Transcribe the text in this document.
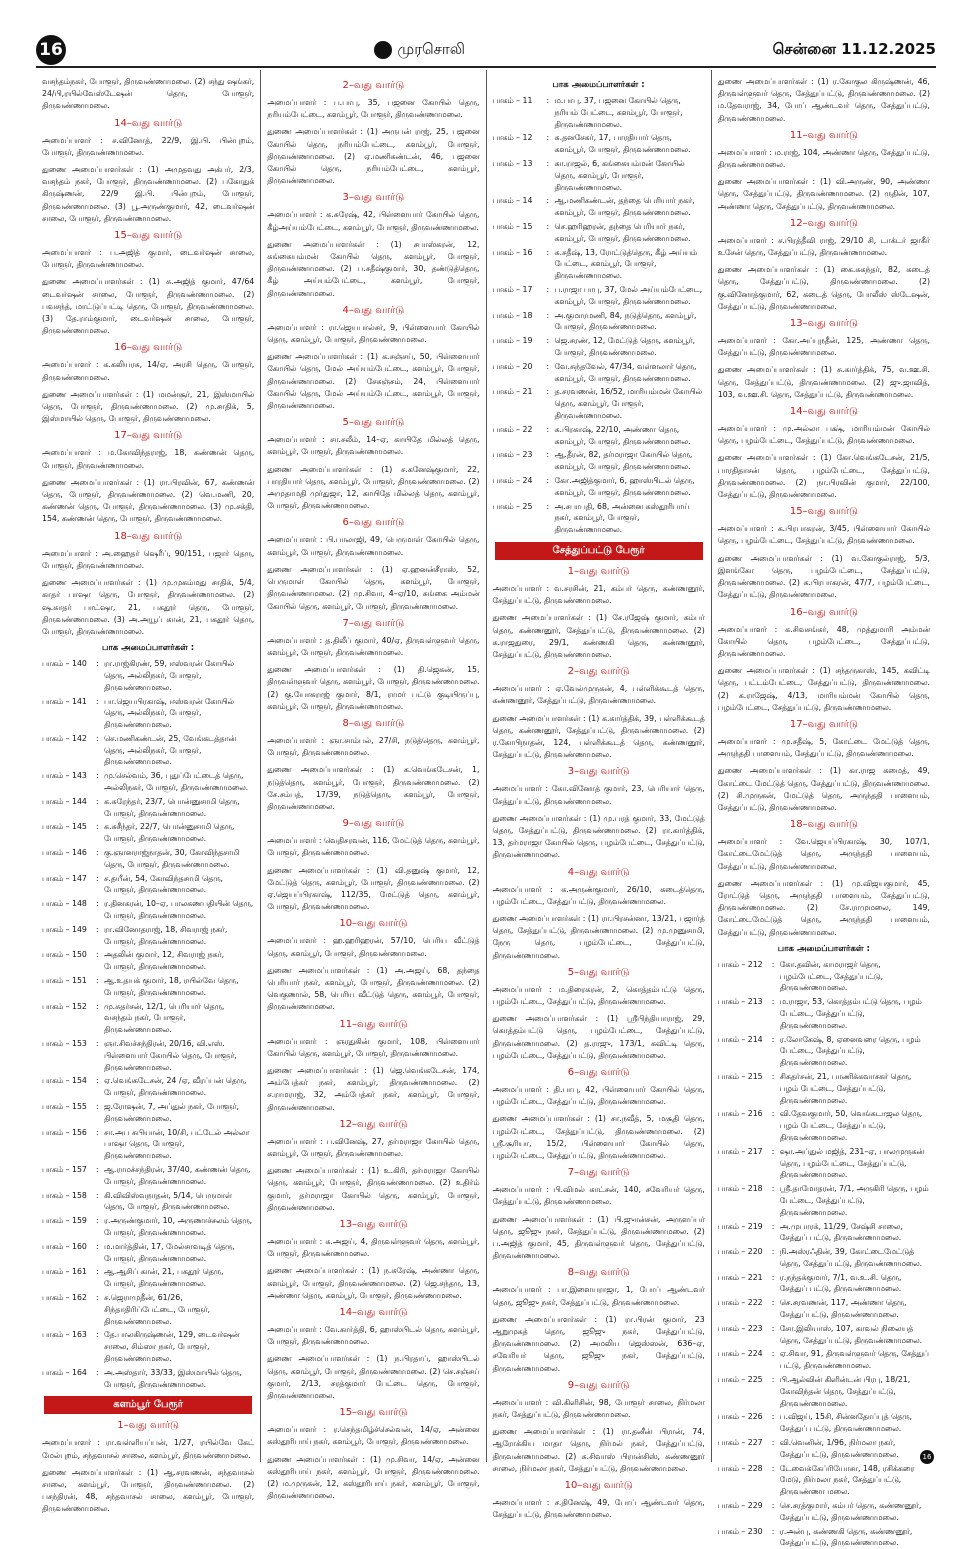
16	முரசொலி	சென்னை 11.12.2025
வசந்தம்நகர், போளூர், திருவண்ணாமலை. (2) சந்து ஷங்கர், 24/பி,ரயில்வேஸ்டேஷன் தெரு, போளூர், திருவண்ணாமலை.
14–வது வார்டு
அமைப்பாளர் : ச.வினோத், 22/9, இ.பி. பின்புறம், போளூர், திருவண்ணாமலை.
துணை அமைப்பாளர்கள் : (1) அமுதவது அக்பர், 2/3, வசந்தம் நகர், போளூர், திருவண்ணாமலை. (2) பகோதுக் கிருஷ்ணன், 22/9 இ.பி. பின்புறம், போளூர், திருவண்ணாமலை. (3) பூ.அருண்குமார், 42, டைவர்ஷன் சாலை, போளூர், திருவண்ணாமலை.
15–வது வார்டு
அமைப்பாளர் : ப.அஜித் குமார், டைவர்ஷன் சாலை, போளூர், திருவண்ணாமலை.
துணை அமைப்பாளர்கள் : (1) சு.அஜித் குமார், 47/64 டைவர்ஷன் சாலை, போளூர், திருவண்ணாமலை. (2) பவசந்த், மாட்டுப்பட்டி தெரு, போளூர், திருவண்ணாமலை. (3) தே.ராம்குமார், டைவர்ஷன் சாலை, போளூர், திருவண்ணாமலை.
16–வது வார்டு
அமைப்பாளர் : க.கலியரசு, 14/ஏ, அரசி தெரு, போளூர், திருவண்ணாமலை.
துணை அமைப்பாளர்கள் : (1) மமன்சூர், 21, இஸ்மாயில் தெரு, போளூர், திருவண்ணாமலை. (2) மு.சாதிக், 5, இஸ்மாயில் தெரு, போளூர், திருவண்ணாமலை.
17–வது வார்டு
அமைப்பாளர் : ம.கோவிந்தராஜ், 18, கண்ணன் தெரு, போளூர், திருவண்ணாமலை.
துணை அமைப்பாளர்கள் : (1) ரா.பிரவின், 67, கண்ணன் தெரு, போளூர், திருவண்ணாமலை. (2) வெ.மணி, 20, கண்ணன் தெரு, போளூர், திருவண்ணாமலை. (3) மு.சக்தி, 154, கண்ணன் தெரு, போளூர், திருவண்ணாமலை.
18–வது வார்டு
அமைப்பாளர் : அ.ஹைதர் ஷெரீப், 90/151, பஜார் தெரு, போளூர், திருவண்ணாமலை.
துணை அமைப்பாளர்கள் : (1) மு.முகம்மது சாதிக், 5/4, காதர் பாஷா தெரு, போளூர், திருவண்ணாமலை. (2) ஷ.காதர் பாட்ஷா, 21, பகதூர் தெரு, போளூர், திருவண்ணாமலை. (3) அ.அயூப் கான், 21, பகதூர் தெரு, போளூர், திருவண்ணாமலை.
பாக அமைப்பாளர்கள் :
பாகம் – 140	: ரா.ராஜ்கிரண், 59, ஈஸ்வரன் கோயில் தெரு, அல்லிநகர், போளூர், திருவண்ணாமலை.
பாகம் – 141	: பா.ஜெயபிரகாஷ், ஈஸ்வரன் கோயில் தெரு, அல்லிநகர், போளூர், திருவண்ணாமலை.
பாகம் – 142	: செ.மணிகண்டன், 25, வேங்கடத்தான் தெரு, அல்லிநகர், போளூர், திருவண்ணாமலை.
பாகம் – 143	: மு.செல்வம், 36, புதுப்பேட்டைத் தெரு, அல்லிநகர், போளூர், திருவண்ணாமலை.
பாகம் – 144	: க.சுரேந்தர், 23/7, பொன்னுசாமி தெரு, போளூர், திருவண்ணாமலை.
பாகம் – 145	: க.சுசீந்தர், 22/7, பொன்னுசாமி தெரு, போளூர், திருவண்ணாமலை.
பாகம் – 146	: கு.ஞானராஜ்நாதன், 30, கோவிந்தசாமி தெரு, போளூர், திருவண்ணாமலை.
பாகம் – 147	: ச.தயீன், 54, கோவிந்தசாமி தெரு, போளூர், திருவண்ணாமலை.
பாகம் – 148	: ர.தினகரன், 10–ஏ, பாலகணபதியின் தெரு, போளூர், திருவண்ணாமலை.
பாகம் – 149	: ரா.வினோதராஜ், 18, சிவராஜ் நகர், போளூர், திருவண்ணாமலை.
பாகம் – 150	: அதலின் குமார், 12, சிவராஜ் நகர், போளூர், திருவண்ணாமலை.
பாகம் – 151	: ஆ.உதயக் குமார், 18, ரயில்வே தெரு, போளூர், திருவண்ணாமலை.
பாகம் – 152	: மு.சுதர்சன், 12/1, பெரியார் தெரு, வசந்தம் நகர், போளூர், திருவண்ணாமலை.
பாகம் – 153	: ஞா.சிவச்சந்திரன், 20/16, வி.எஸ். பிள்ளையார் கோயில் தெரு, போளூர், திருவண்ணாமலை.
பாகம் – 154	: ஏ.வெங்கடேசன், 24 /ஏ, வீரப்பன் தெரு, போளூர், திருவண்ணாமலை.
பாகம் – 155	: ஜ.ரோஷன், 7, அப்துல் நகர், போளூர், திருவண்ணாமலை.
பாகம் – 156	: சா.அப சுபியான், 10/சி, பட்டேல் அல்லா பாஷா தெரு, போளூர், திருவண்ணாமலை.
பாகம் – 157	: ஆ.ராமச்சந்திரன், 37/40, கண்ணன் தெரு, போளூர், திருவண்ணாமலை.
பாகம் – 158	: கி.விவிஸ்வநாதன், 5/14, பெருமாள் தெரு, போளூர், திருவண்ணாமலை.
பாகம் – 159	: ர.அருண்குமார், 10, அருணாச்சலம் தெரு, போளூர், திருவண்ணாமலை.
பாகம் – 160	: ம.மார்த்தின், 17, மேல்சாவடித் தெரு, போளூர், திருவண்ணாமலை.
பாகம் – 161	: ஆ.ஆசிப் கான், 21, பகதூர் தெரு, போளூர், திருவண்ணாமலை.
பாகம் – 162	: ச.ஜெராமுதீன், 61/26, சிந்தாதிரிப்பேட்டை, போளூர், திருவண்ணாமலை.
பாகம் – 163	: தே.பாலகிருஷ்ணன், 129, டைவர்ஷன் சாலை, சிம்ஸா நகர், போளூர், திருவண்ணாமலை.
பாகம் – 164	: அ.அஸ்தார், 33/33, இஸ்மாயில் தெரு, போளூர், திருவண்ணாமலை.
களம்பூர் பேரூர்
1–வது வார்டு
அமைப்பாளர் : ரா.வள்ளியப்பன், 1/27, ரயில்வே கேட் மேல்புறம், சந்தவாசல் சாலை, களம்பூர், திருவண்ணாமலை.
துணை அமைப்பாளர்கள் : (1) ஆ.சரவணன், சந்தவாசல் சாலை, களம்பூர், போளூர், திருவண்ணாமலை. (2) பசந்திரன், 48, சந்தவாசல் சாலை, களம்பூர், போளூர், திருவண்ணாமலை.
2–வது வார்டு
அமைப்பாளர் : ப.பாபு, 35, பஜனை கோயில் தெரு, நரியம்பேட்டை, களம்பூர், போளூர், திருவண்ணாமலை.
துணை அமைப்பாளர்கள் : (1) அருபன் ராஜ், 25, பஜனை கோயில் தெரு, நரியம்பேட்டை, களம்பூர், போளூர், திருவண்ணாமலை. (2) ஏ.மணிகண்டன், 46, பஜனை கோயில் தெரு, நரியம்பேட்டை, களம்பூர், திருவண்ணாமலை.
3–வது வார்டு
அமைப்பாளர் : க.சுரேஷ், 42, பிள்ளையார் கோயில் தெரு, கீழ்அய்யம்பேட்டை, களம்பூர், போளூர், திருவண்ணாமலை.
துணை அமைப்பாளர்கள் : (1) சபாஸ்கரன், 12, கங்கையம்மன் கோயில் தெரு, களம்பூர், போளூர், திருவண்ணாமலை. (2) ப.சதீஷ்குமார், 30, தண்டுத்தெரு, கீழ் அய்யம்பேட்டை, களம்பூர், போளூர், திருவண்ணாமலை.
4–வது வார்டு
அமைப்பாளர் : ரா.ஜெயபால்சர், 9, பிள்ளையார் கோயில் தெரு, களம்பூர், போளூர், திருவண்ணாமலை.
துணை அமைப்பாளர்கள் : (1) க.சஞ்சய், 50, பிள்ளையார் கோயில் தெரு, மேல் அய்யம்பேட்டை, களம்பூர், போளூர், திருவண்ணாமலை. (2) சேசுஞ்சம், 24, பிள்ளையார் கோயில் தெரு, மேல் அய்யம்பேட்டை, களம்பூர், போளூர், திருவண்ணாமலை.
5–வது வார்டு
அமைப்பாளர் : சா.சலீம், 14–ஏ, காயிதே மில்லத் தெரு, களம்பூர், போளூர், திருவண்ணாமலை.
துணை அமைப்பாளர்கள் : (1) ச.கனேஷ்குமார், 22, பாரதியார் தெரு, களம்பூர், போளூர், திருவண்ணாமலை. (2) அமுதாமதி முர்துஜா, 12, காயிதே மில்லத் தெரு, களம்பூர், போளூர், திருவண்ணாமலை.
6–வது வார்டு
அமைப்பாளர் : பி.பாலாஜி, 49, பெருமாள் கோயில் தெரு, களம்பூர், போளூர், திருவண்ணாமலை.
துணை அமைப்பாளர்கள் : (1) ஏ.ஹனன்சீராஸ், 52, பெருமாள் கோயில் தெரு, களம்பூர், போளூர், திருவண்ணாமலை. (2) மு.சிவா, 4–ஏ/10, சுங்கை அம்மன் கோயில் தெரு, களம்பூர், போளூர், திருவண்ணாமலை.
7–வது வார்டு
அமைப்பாளர் : த.திலீப் குமார், 40/ஏ, திருவள்ளுவர் தெரு, களம்பூர், போளூர், திருவண்ணாமலை.
துணை அமைப்பாளர்கள் : (1) தி.ஜெகன், 15, திருவள்ளுவர் தெரு, களம்பூர், போளூர், திருவண்ணாமலை. (2) கு.யோகராஜ் குமார், 8/1, ராமர் பட்டு குடியிருப்பு, களம்பூர், போளூர், திருவண்ணாமலை.
8–வது வார்டு
அமைப்பாளர் : ஞா.சாம்பல், 27/சி, நடுத்தெரு, களம்பூர், போளூர், திருவண்ணாமலை.
துணை அமைப்பாளர்கள் : (1) க.வெங்கடேசன், 1, நடுத்தெரு, களம்பூர், போளூர், திருவண்ணாமலை. (2) சே.சம்பத், 17/39, நடுத்தெரு, களம்பூர், போளூர், திருவண்ணாமலை.
9–வது வார்டு
அமைப்பாளர் : வெதிசரவன், 116, மேட்டுத் தெரு, களம்பூர், போளூர், திருவண்ணாமலை.
துணை அமைப்பாளர்கள் : (1) வி.தனுஷ் குமார், 12, மேட்டுத் தெரு, களம்பூர், போளூர், திருவண்ணாமலை. (2) ஏ.ஜெயப்பிரகாஷ், 112/35, மேட்டுத் தெரு, களம்பூர், போளூர், திருவண்ணாமலை.
10–வது வார்டு
அமைப்பாளர் : ஹ.ஹரிஹரன், 57/10, பெரிய வீட்டுத் தெரு, களம்பூர், போளூர், திருவண்ணாமலை.
துணை அமைப்பாளர்கள் : (1) அ.அஜய், 68, தந்தை பெரியார் நகர், களம்பூர், போளூர், திருவண்ணாமலை. (2) வெகுணால், 58, பெரிய வீட்டுத் தெரு, களம்பூர், போளூர், திருவண்ணாமலை.
11–வது வார்டு
அமைப்பாளர் : ஞரதுகின் குமார், 108, பிள்ளையார் கோயில் தெரு, களம்பூர், போளூர், திருவண்ணாமலை.
துணை அமைப்பாளர்கள் : (1) ஜெ.வெங்கடேசன், 174, அம்பேத்கர் நகர், களம்பூர், திருவண்ணாமலை. (2) ச.ராமராஜ், 32, அம்பேத்கர் நகர், களம்பூர், போளூர், திருவண்ணாமலை.
12–வது வார்டு
அமைப்பாளர் : ப.வினேஷ், 27, தர்மராஜா கோயில் தெரு, களம்பூர், போளூர், திருவண்ணாமலை.
துணை அமைப்பாளர்கள் : (1) உ.கிரி, தர்மராஜா கோயில் தெரு, களம்பூர், போளூர், திருவண்ணாமலை. (2) உதிர்ம் குமார், தர்மராஜா கோயில் தெரு, களம்பூர், போளூர், திருவண்ணாமலை.
13–வது வார்டு
அமைப்பாளர் : க.அஜய், 4, திருவள்ளுவர் தெரு, களம்பூர், போளூர், திருவண்ணாமலை.
துணை அமைப்பாளர்கள் : (1) ந.சுரேஷ், அண்ணா தெரு, களம்பூர், போளூர், திருவண்ணாமலை. (2) ஜெ.சந்தரு, 13, அண்ணா தெரு, களம்பூர், போளூர், திருவண்ணாமலை.
14–வது வார்டு
அமைப்பாளர் : வே.கார்த்தி, 6, ஹாஸ்பிடல் தெரு, களம்பூர், போளூர், திருவண்ணாமலை.
துணை அமைப்பாளர்கள் : (1) ந.பிரதாப், ஹாஸ்பிடல் தெரு, களம்பூர், போளூர், திருவண்ணாமலை. (2) செ.சஞ்சய் குமார், 2/13, சரத்குமார் பேட்டை தெரு, போளூர், திருவண்ணாமலை.
15–வது வார்டு
அமைப்பாளர் : ர.செந்தமிழ்ச்செல்வன், 14/ஏ, அன்னை கஸ்தூரிபாய் நகர், களம்பூர், போளூர், திருவண்ணாமலை.
துணை அமைப்பாளர்கள் : (1) மு.சிவா, 14/ஏ, அன்னை கஸ்தூரிபாய் நகர், களம்பூர், போளூர், திருவண்ணாமலை. (2) ம.முருகன், 12, கஸ்தூரிபாய் நகர், களம்பூர், போளூர், திருவண்ணாமலை.
பாக அமைப்பாளர்கள் :
பாகம் – 11	: ம.பாபு, 37, பஜனை கோயில் தெரு, நரியம் பேட்டை, களம்பூர், போளூர், திருவண்ணாமலை.
பாகம் – 12	: சு.தனசேகர், 17, பாரதியார் தெரு, களம்பூர், போளூர், திருவண்ணாமலை.
பாகம் – 13	: கா.ராஜல், 6, கங்கையம்மன் கோயில் தெரு, களம்பூர், போளூர், திருவண்ணாமலை.
பாகம் – 14	: ஆ.மணிகண்டன், தந்தை பெரியார் நகர், களம்பூர், போளூர், திருவண்ணாமலை.
பாகம் – 15	: செ.ஹரிஹரன், தந்தை பெரியார் நகர், களம்பூர், போளூர், திருவண்ணாமலை.
பாகம் – 16	: க.சதீஷ், 13, ரோட்டுத்தெரு, கீழ் அய்யம் பேட்டை, களம்பூர், போளூர், திருவண்ணாமலை.
பாகம் – 17	: ப.ராஜா பாபு, 37, மேல் அய்யம்பேட்டை, களம்பூர், போளூர், திருவண்ணாமலை.
பாகம் – 18	: அ.குமாரமணி, 84, நடுத்தெரு, களம்பூர், போளூர், திருவண்ணாமலை.
பாகம் – 19	: ஜெ.சரண், 12, மேட்டுத் தெரு, களம்பூர், போளூர், திருவண்ணாமலை.
பாகம் – 20	: வே.சுந்தவேல், 47/34, வள்ளலார் தெரு, களம்பூர், போளூர், திருவண்ணாமலை.
பாகம் – 21	: த.சரவணன், 16/52, மாரியம்மன் கோயில் தெரு, களம்பூர், போளூர், திருவண்ணாமலை.
பாகம் – 22	: க.பிரகாஷ், 22/10, அண்ணா தெரு, களம்பூர், போளூர், திருவண்ணாமலை.
பாகம் – 23	: ஆ.தீரன், 82, தர்மராஜா கோயில் தெரு, களம்பூர், போளூர், திருவண்ணாமலை.
பாகம் – 24	: கோ.அஜித்குமார், 6, ஹாஸ்பிடல் தெரு, களம்பூர், போளூர், திருவண்ணாமலை.
பாகம் – 25	: அ.சபாபதி, 68, அன்னை கஸ்தூரிபாய் நகர், களம்பூர், போளூர், திருவண்ணாமலை.
சேத்துப்பட்டு பேரூர்
1–வது வார்டு
அமைப்பாளர் : வ.சரசின், 21, கம்பர் தெரு, கண்ணனூர், சேத்துப்பட்டு, திருவண்ணாமலை.
துணை அமைப்பாளர்கள் : (1) சே.ரஜேஷ் குமார், கம்பர் தெரு, கண்ணனூர், சேத்துப்பட்டு, திருவண்ணாமலை. (2) க.ராஜதுரை, 29/1, கண்ணகி தெரு, கண்ணனூர், சேத்துப்பட்டு, திருவண்ணாமலை.
2–வது வார்டு
அமைப்பாளர் : ஏ.வேல்முருகன், 4, பள்ளிக்கூடத் தெரு, கண்ணனூர், சேத்துப்பட்டு, திருவண்ணாமலை.
துணை அமைப்பாளர்கள் : (1) க.கார்த்திக், 39, பள்ளிக்கூடத் தெரு, கண்ணனூர், சேத்துப்பட்டு, திருவண்ணாமலை. (2) ர.கோபிநாதன், 124, பள்ளிக்கூடத் தெரு, கண்ணனூர், சேத்துப்பட்டு, திருவண்ணாமலை.
3–வது வார்டு
அமைப்பாளர் : கோ.வினோத் குமார், 23, பெரியார் தெரு, சேத்துப்பட்டு, திருவண்ணாமலை.
துணை அமைப்பாளர்கள் : (1) மு.பரத் குமார், 33, மேட்டுத் தெரு, சேத்துப்பட்டு, திருவண்ணாமலை. (2) ரா.கார்த்திக், 13, தர்மராஜா கோயில் தெரு, பழம்பேட்டை, சேத்துப்பட்டு, திருவண்ணாமலை.
4–வது வார்டு
அமைப்பாளர் : க.அருண்குமார், 26/10, கடைத்தெரு, பழம்பேட்டை, சேத்துப்பட்டு, திருவண்ணாமலை.
துணை அமைப்பாளர்கள் : (1) ரா.பிரசன்னா, 13/21, பஜார்த் தெரு, சேத்துப்பட்டு, திருவண்ணாமலை. (2) மு.முனுசாமி, நேரு தெரு, பழம்பேட்டை, சேத்துப்பட்டு, திருவண்ணாமலை.
5–வது வார்டு
அமைப்பாளர் : ம.திரைகரன், 2, கொத்தம்பட்டு தெரு, பழம்பேட்டை, சேத்துப்பட்டு, திருவண்ணாமலை.
துணை அமைப்பாளர்கள் : (1) ஸ்ரீபிந்தியாராஜ், 29, கொத்தம்பட்டு தெரு, பழம்பேட்டை, சேத்துப்பட்டு, திருவண்ணாமலை. (2) த.ராஜு, 173/1, கவிட்டி தெரு, பழம்பேட்டை, சேத்துப்பட்டு, திருவண்ணாமலை.
6–வது வார்டு
அமைப்பாளர் : தி.பாபு, 42, பிள்ளையார் கோயில் தெரு, பழம்பேட்டை, சேத்துப்பட்டு, திருவண்ணாமலை.
துணை அமைப்பாளர்கள் : (1) சா.நவீத், 5, மசூதி தெரு, பழம்பேட்டை, சேத்துப்பட்டு, திருவண்ணாமலை. (2) ஸ்ரீ.சூரியா, 15/2, பிள்ளையார் கோயில் தெரு, பழம்பேட்டை, சேத்துப்பட்டு, திருவண்ணாமலை.
7–வது வார்டு
அமைப்பாளர் : பி.விமல் காட்சன், 140, சவேரியர் தெரு, சேத்துப்பட்டு, திருவண்ணாமலை.
துணை அமைப்பாளர்கள் : (1) பி.ஜுான்சன், அருளப்பர் தெரு, ஜூஜு நகர், சேத்துப்பட்டு, திருவண்ணாமலை. (2) ப.அஜித் குமார், 45, திருவள்ளுவர் தெரு, சேத்துப்பட்டு, திருவண்ணாமலை.
8–வது வார்டு
அமைப்பாளர் : பா.இளையராஜா, 1, போப் ஆண்டவர் தெரு, ஜூஜு நகர், சேத்துப்பட்டு, திருவண்ணாமலை.
துணை அமைப்பாளர்கள் : (1) ரா.பிரன் குமார், 23 ஆறுமுகத் தெரு, ஜூஜு நகர், சேத்துப்பட்டு, திருவண்ணாமலை. (2) அமலிய ஜெஸ்ஸன், 636–ஏ, சவேரியர் தெரு, ஜூஜு நகர், சேத்துப்பட்டு, திருவண்ணாமலை.
9–வது வார்டு
அமைப்பாளர் : வி.கிளிசின், 98, போளூர் சாலை, நிர்மலா நகர், சேத்துப்பட்டு, திருவண்ணாமலை.
துணை அமைப்பாளர்கள் : (1) ரா.தனீன் பிரான், 74, ஆரோக்கிய மாதா தெரு, நிர்மல் நகர், சேத்துப்பட்டு, திருவண்ணாமலை. (2) சு.சிவாஸ் பிரான்சிஸ், கண்ணனூர் சாலை, நிர்மலா நகர், சேத்துப்பட்டு, திருவண்ணாமலை.
10–வது வார்டு
அமைப்பாளர் : ச.தினேஷ், 49, போப் ஆண்டவர் தெரு, சேத்துப்பட்டு, திருவண்ணாமலை.
துணை அமைப்பாளர்கள் : (1) ர.கோகுல கிருஷ்ணன், 46, திருவள்ளுவர் தெரு, சேத்துப்பட்டு, திருவண்ணாமலை. (2) ம.தேவராஜ், 34, போப் ஆண்டவர் தெரு, சேத்துப்பட்டு, திருவண்ணாமலை.
11–வது வார்டு
அமைப்பாளர் : ம.ராஜ், 104, அண்ணா தெரு, சேத்துப்பட்டு, திருவண்ணாமலை.
துணை அமைப்பாளர்கள் : (1) வி.அருண், 90, அண்ணா தெரு, சேத்துப்பட்டு, திருவண்ணாமலை. (2) ருதின், 107, அண்ணா தெரு, சேத்துப்பட்டு, திருவண்ணாமலை.
12–வது வார்டு
அமைப்பாளர் : ச.பிரத்தீவி ராஜ், 29/10 சி, டாக்டர் ஜாகீர் உசேன் தெரு, சேத்துப்பட்டு, திருவண்ணாமலை.
துணை அமைப்பாளர்கள் : (1) கை.சுகந்தர், 82, கடைத் தெரு, சேத்துப்பட்டு, திருவண்ணாமலை. (2) கு.வினோத்குமார், 62, கடைத் தெரு, போலீஸ் ஸ்டேஷன், சேத்துப்பட்டு, திருவண்ணாமலை.
13–வது வார்டு
அமைப்பாளர் : கோ.அப்புநதீன், 125, அண்ணா தெரு, சேத்துப்பட்டு, திருவண்ணாமலை.
துணை அமைப்பாளர்கள் : (1) சு.கார்த்திக், 75, வ.ஊ.சி. தெரு, சேத்துப்பட்டு, திருவண்ணாமலை. (2) ஜு.ஜாவித், 103, வ.ஊ.சி. தெரு, சேத்துப்பட்டு, திருவண்ணாமலை.
14–வது வார்டு
அமைப்பாளர் : மு.அல்லா பக்ஷ், மாரியம்மன் கோயில் தெரு, பழம்பேட்டை, சேத்துப்பட்டு, திருவண்ணாமலை.
துணை அமைப்பாளர்கள் : (1) கோ.வெங்கடேசன், 21/5, பாரதிதாசன் தெரு, பழம்பேட்டை, சேத்துப்பட்டு, திருவண்ணாமலை. (2) நா.பிரவின் குமார், 22/100, சேத்துப்பட்டு, திருவண்ணாமலை.
15–வது வார்டு
அமைப்பாளர் : க.பிரபாகரன், 3/45, பிள்ளையார் கோயில் தெரு, பழம்பேட்டை, சேத்துப்பட்டு, திருவண்ணாமலை.
துணை அமைப்பாளர்கள் : (1) வ.கோகுல்ராஜ், 5/3, இளங்கோ தெரு, பழம்பேட்டை, சேத்துப்பட்டு, திருவண்ணாமலை. (2) க.பிரபாகரன், 47/7, பழம்பேட்டை, சேத்துப்பட்டு, திருவண்ணாமலை.
16–வது வார்டு
அமைப்பாளர் : க.சிவசங்கர், 48, முத்துமாரி அம்மன் கோயில் தெரு, பழம்பேட்டை, சேத்துப்பட்டு, திருவண்ணாமலை.
துணை அமைப்பாளர்கள் : (1) சந்தருகாஸ், 145, கவிட்டி தெரு, பட்டம்பேட்டை, சேத்துப்பட்டு, திருவண்ணாமலை. (2) க.ராஜேஷ், 4/13, மாரியம்மன் கோயில் தெரு, பழம்பேட்டை, சேத்துப்பட்டு, திருவண்ணாமலை.
17–வது வார்டு
அமைப்பாளர் : மு.சதீஷ், 5, கோட்டை மேட்டுத் தெரு, அருந்ததி பாளையம், சேத்துப்பட்டு, திருவண்ணாமலை.
துணை அமைப்பாளர்கள் : (1) கா.ராஜ கமைத், 49, கோட்டை மேட்டுத் தெரு, சேத்துப்பட்டு, திருவண்ணாமலை. (2) சி.முருகன், மேட்டுத் தெரு, அருந்ததி பாளையம், சேத்துப்பட்டு, திருவண்ணாமலை.
18–வது வார்டு
அமைப்பாளர் : வே.ஜெயப்பிரகாஷ், 30, 107/1, கோட்டைமேட்டுத் தெரு, அருந்ததி பாளையம், சேத்துப்பட்டு, திருவண்ணாமலை.
துணை அமைப்பாளர்கள் : (1) மு.விஜயகுமார், 45, ரோட்டுத் தெரு, அருந்ததி பாளையம், சேத்துப்பட்டு, திருவண்ணாமலை. (2) சே.ராமுமலை, 149, கோட்டைமேட்டுத் தெரு, அருந்ததி பாளையம், சேத்துப்பட்டு, திருவண்ணாமலை.
பாக அமைப்பாளர்கள் :
பாகம் – 212	: கோ.தவின், காமராஜர் தெரு, பழம்பேட்டை, சேத்துப்பட்டு, திருவண்ணாமலை.
பாகம் – 213	: ம.ராஜா, 53, கொத்தம்பட்டு தெரு, பழம் பேட்டை, சேத்துப்பட்டு, திருவண்ணாமலை.
பாகம் – 214	: ர.லோகேஷ், 8, ஏனைவரை தெரு, பழம் பேட்டை, சேத்துப்பட்டு, திருவண்ணாமலை.
பாகம் – 215	: சிகதர்சன், 21, பாணிக்கவாசகர் தெரு, பழம் பேட்டை, சேத்துப்பட்டு, திருவண்ணாமலை.
பாகம் – 216	: வி.தேவகுமார், 50, வெங்கடாஜல தெரு, பழம் பேட்டை, சேத்துப்பட்டு, திருவண்ணாமலை.
பாகம் – 217	: ஷா.அப்துல் மஜித், 231–ஏ, பாலமுருகன் தெரு, பழம்பேட்டை, சேத்துப்பட்டு, திருவண்ணாமலை.
பாகம் – 218	: ஸ்ரீ.தாமோதரன், 7/1, அருகிரி தெரு, பழம் பேட்டை, சேத்துப்பட்டு, திருவண்ணாமலை.
பாகம் – 219	: அ.முபாரக், 11/29, சேஷ்சி சாலை, சேத்துப் பட்டு, திருவண்ணாமலை.
பாகம் – 220	: நி.அஸ்ரஃதின், 39, கோட்டைமேட்டுத் தெரு, சேத்துப்பட்டு, திருவண்ணாமலை.
பாகம் – 221	: ர.நந்தக்குமார், 7/1, வ.உ.சி. தெரு, சேத்துப் பட்டு, திருவண்ணாமலை.
பாகம் – 222	: செ.சரவணன், 117, அண்ணா தெரு, சேத்துப்பட்டு, திருவண்ணாமலை.
பாகம் – 223	: சோ.இலியாஸ், 107, காவல் நிலையத் தெரு, சேத்துப்பட்டு, திருவண்ணாமலை.
பாகம் – 224	: ஏ.சிவா, 91, திருவள்ளுவர் தெரு, சேத்துப் பட்டு, திருவண்ணாமலை.
பாகம் – 225	: பி.ஆல்வின் கிளின்டன் பிரபு, 18/21, கோவிந்தன் தெரு, சேத்துப்பட்டு, திருவண்ணாமலை.
பாகம் – 226	: ப.விஜய், 15சி, சின்னதோப்புத் தெரு, சேத்துப் பட்டு, திருவண்ணாமலை.
பாகம் – 227	: வி.வெனின், 1/96, நிர்மலா நகர், சேத்துப்பட்டு, திருவண்ணாமலை.
பாகம் – 228	: டேவைக்கேப்ரியோசா, 148, ரசிக்கரை மேடு, நிர்மலா நகர், சேத்துப்பட்டு, திருவண்ணா மலை.
பாகம் – 229	: செ.சரத்குமார், கம்பர் தெரு, கண்ணனூர், சேத்துப்பட்டு, திருவண்ணாமலை.
பாகம் – 230	: ர.அன்பு, கண்ணகி தெரு, கண்ணனூர், சேத்துப்பட்டு, திருவண்ணாமலை.
16
